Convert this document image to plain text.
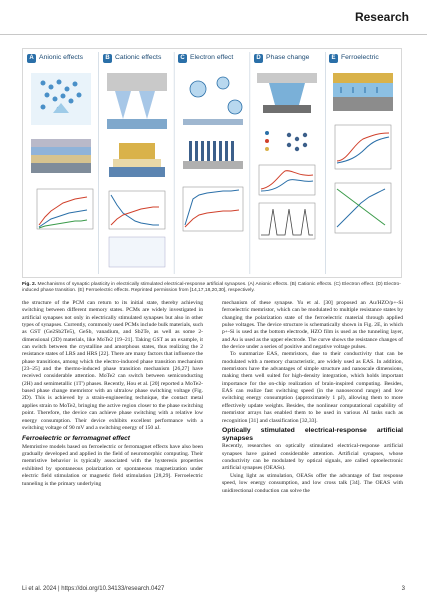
Research
A Anionic effects	B Cationic effects	C Electron effect	D Phase change	E Ferroelectric
Fig. 2. Mechanisms of synaptic plasticity in electrically stimulated electrical-response artificial synapses. (A) Anionic effects. (B) Cationic effects. (C) Electron effect. (D) Electro-induced phase transition. (E) Ferroelectric effects. Reprinted permission from [14,17,18,20,30], respectively.

the structure of the PCM can return to its initial state, thereby achieving switching between different memory states. PCMs are widely investigated in artificial synapses not only in electrically stimulated synapses but also in other types of synapses. Currently, commonly used PCMs include bulk materials, such as GST (Ge2Sb2Te5), GeSb, vanadium, and Sb2Te, as well as some 2-dimensional (2D) materials, like MoTe2 [19–21]. Taking GST as an example, it can switch between the crystalline and amorphous states, thus realizing the 2 resistance states of LRS and HRS [22]. There are many factors that influence the phase transitions, among which the electro-induced phase transition mechanism [23–25] and the thermo-induced phase transition mechanism [26,27] have received considerable attention. MoTe2 can switch between semiconducting (2H) and semimetallic (1T') phases. Recently, Hou et al. [20] reported a MoTe2-based phase change memristor with an ultralow phase switching voltage (Fig. 2D). This is achieved by a strain-engineering technique, the contact metal applies strain to MoTe2, bringing the active region closer to the phase switching point. Therefore, the device can achieve phase switching with a relative low energy consumption. Their device exhibits excellent performance with a switching voltage of 90 mV and a switching energy of 150 aJ.

Ferroelectric or ferromagnet effect

Memristive models based on ferroelectric or ferromagnet effects have also been gradually developed and applied in the field of neuromorphic computing. Their memristive behavior is typically associated with the hysteresis properties exhibited by spontaneous polarization or spontaneous magnetization under electric field stimulation or magnetic field stimulation [28,29]. Ferroelectric tunneling is the primary underlying

mechanism of these synapse. Yu et al. [30] proposed an Au/HZO/p+-Si ferroelectric memristor, which can be modulated to multiple resistance states by changing the polarization state of the ferroelectric material through applied pulse voltages. The device structure is schematically shown in Fig. 2E, in which p+-Si is used as the bottom electrode, HZO film is used as the tunneling layer, and Au is used as the upper electrode. The curve shows the resistance changes of the device under a series of positive and negative voltage pulses.

To summarize EAS, memristors, due to their conductivity that can be modulated with a memory characteristic, are widely used as EAS. In addition, memristors have the advantages of simple structure and nanoscale dimensions, making them well suited for high-density integration, which holds important importance for the on-chip realization of brain-inspired computing. Besides, EAS can realize fast switching speed (in the nanosecond range) and low switching energy consumption (approximately 1 pJ), allowing them to more effectively update weights. Besides, the nonlinear computational capability of memristor arrays has enabled them to be used in various AI tasks such as recognition [31] and classification [32,33].

Optically stimulated electrical-response artificial synapses

Recently, researches on optically stimulated electrical-response artificial synapses have gained considerable attention. Artificial synapses, whose conductivity can be modulated by optical signals, are called optoelectronic artificial synapses (OEASs).

Using light as stimulation, OEASs offer the advantage of fast response speed, low energy consumption, and low cross talk [34]. The OEAS with unidirectional conduction can solve the

Li et al. 2024 | https://doi.org/10.34133/research.0427	3
